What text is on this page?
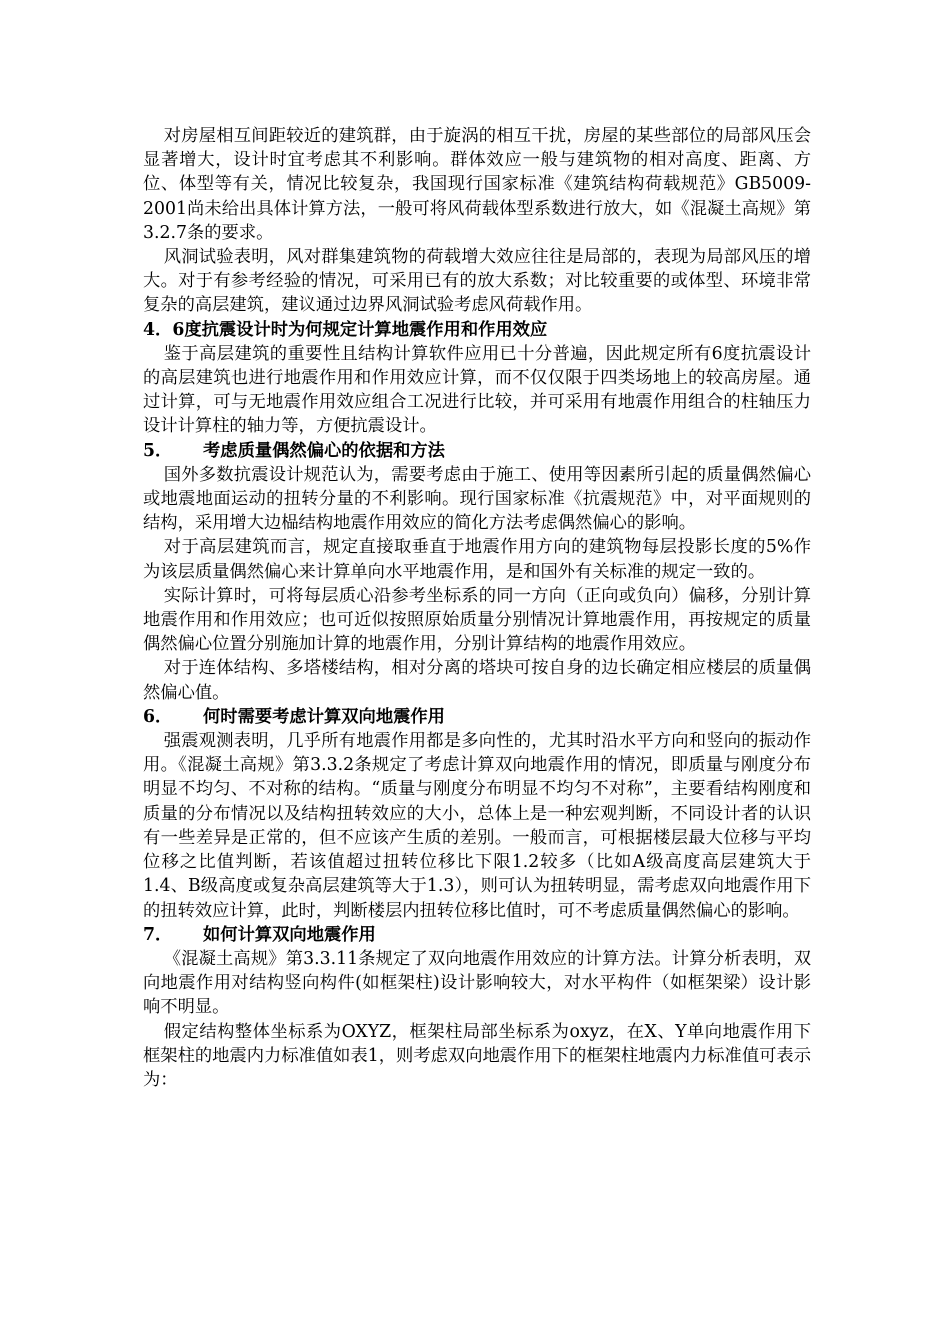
对房屋相互间距较近的建筑群，由于旋涡的相互干扰，房屋的某些部位的局部风压会显著增大，设计时宜考虑其不利影响。群体效应一般与建筑物的相对高度、距离、方位、体型等有关，情况比较复杂，我国现行国家标准《建筑结构荷载规范》GB5009-2001尚未给出具体计算方法，一般可将风荷载体型系数进行放大，如《混凝土高规》第3.2.7条的要求。

风洞试验表明，风对群集建筑物的荷载增大效应往往是局部的，表现为局部风压的增大。对于有参考经验的情况，可采用已有的放大系数；对比较重要的或体型、环境非常复杂的高层建筑，建议通过边界风洞试验考虑风荷载作用。

4．6度抗震设计时为何规定计算地震作用和作用效应

鉴于高层建筑的重要性且结构计算软件应用已十分普遍，因此规定所有6度抗震设计的高层建筑也进行地震作用和作用效应计算，而不仅仅限于四类场地上的较高房屋。通过计算，可与无地震作用效应组合工况进行比较，并可采用有地震作用组合的柱轴压力设计计算柱的轴力等，方便抗震设计。

5． 考虑质量偶然偏心的依据和方法

国外多数抗震设计规范认为，需要考虑由于施工、使用等因素所引起的质量偶然偏心或地震地面运动的扭转分量的不利影响。现行国家标准《抗震规范》中，对平面规则的结构，采用增大边榀结构地震作用效应的简化方法考虑偶然偏心的影响。

对于高层建筑而言，规定直接取垂直于地震作用方向的建筑物每层投影长度的5%作为该层质量偶然偏心来计算单向水平地震作用，是和国外有关标准的规定一致的。

实际计算时，可将每层质心沿参考坐标系的同一方向（正向或负向）偏移，分别计算地震作用和作用效应；也可近似按照原始质量分别情况计算地震作用，再按规定的质量偶然偏心位置分别施加计算的地震作用，分别计算结构的地震作用效应。

对于连体结构、多塔楼结构，相对分离的塔块可按自身的边长确定相应楼层的质量偶然偏心值。

6． 何时需要考虑计算双向地震作用

强震观测表明，几乎所有地震作用都是多向性的，尤其时沿水平方向和竖向的振动作用。《混凝土高规》第3.3.2条规定了考虑计算双向地震作用的情况，即质量与刚度分布明显不均匀、不对称的结构。“质量与刚度分布明显不均匀不对称”，主要看结构刚度和质量的分布情况以及结构扭转效应的大小，总体上是一种宏观判断，不同设计者的认识有一些差异是正常的，但不应该产生质的差别。一般而言，可根据楼层最大位移与平均位移之比值判断，若该值超过扭转位移比下限1.2较多（比如A级高度高层建筑大于1.4、B级高度或复杂高层建筑等大于1.3），则可认为扭转明显，需考虑双向地震作用下的扭转效应计算，此时，判断楼层内扭转位移比值时，可不考虑质量偶然偏心的影响。

7． 如何计算双向地震作用

《混凝土高规》第3.3.11条规定了双向地震作用效应的计算方法。计算分析表明，双向地震作用对结构竖向构件(如框架柱)设计影响较大，对水平构件（如框架梁）设计影响不明显。

假定结构整体坐标系为OXYZ，框架柱局部坐标系为oxyz，在X、Y单向地震作用下框架柱的地震内力标准值如表1，则考虑双向地震作用下的框架柱地震内力标准值可表示为：
